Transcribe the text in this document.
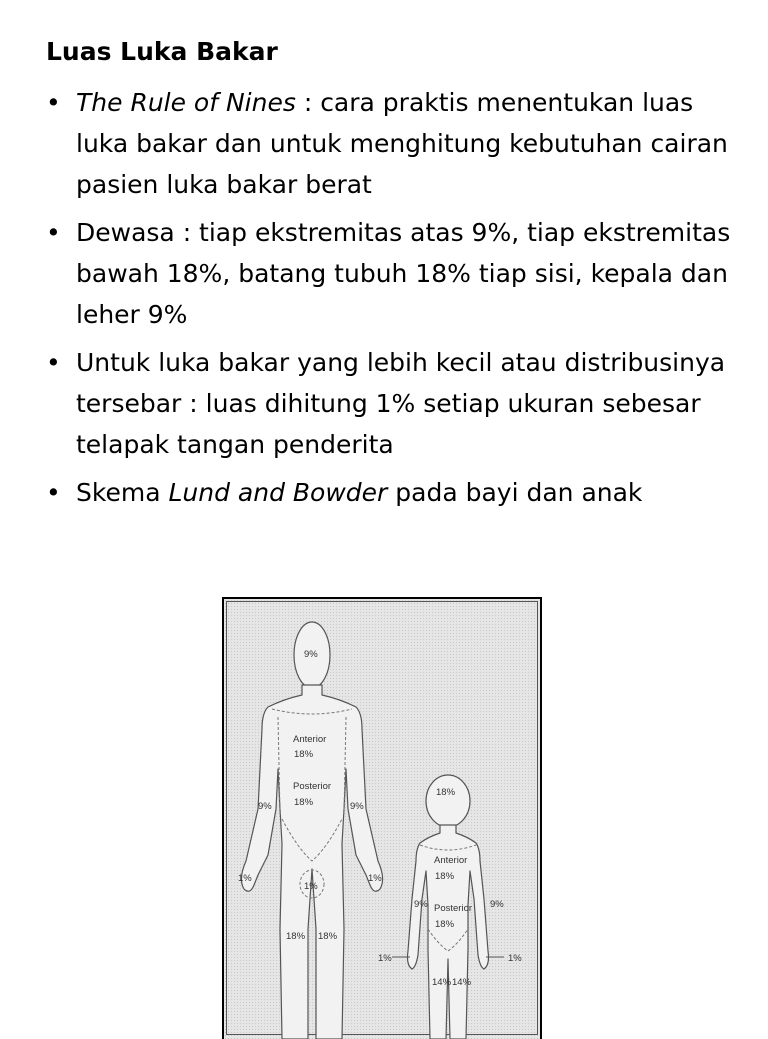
Luas Luka Bakar
• The Rule of Nines : cara praktis menentukan luas luka bakar dan untuk menghitung kebutuhan cairan pasien luka bakar berat
• Dewasa : tiap ekstremitas atas 9%, tiap ekstremitas bawah 18%, batang tubuh 18% tiap sisi, kepala dan leher 9%
• Untuk luka bakar yang lebih kecil atau distribusinya tersebar : luas dihitung 1% setiap ukuran sebesar telapak tangan penderita
• Skema Lund and Bowder pada bayi dan anak
9%
Anterior
18%
Posterior
18%
9%	9%
1%	1%
1%
18% 18%
18%
Anterior
18%
Posterior
18%
9%	9%
1%	1%
14% 14%
